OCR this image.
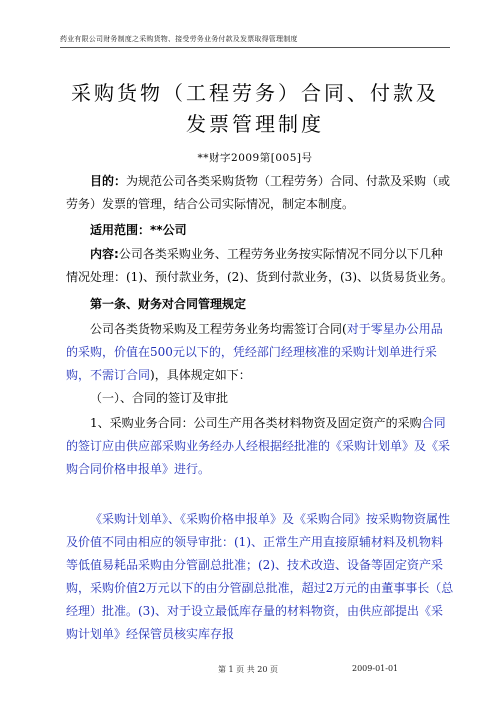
药业有限公司财务制度之采购货物、接受劳务业务付款及发票取得管理制度
采购货物（工程劳务）合同、付款及
发票管理制度
**财字2009第[005]号

目的：为规范公司各类采购货物（工程劳务）合同、付款及采购（或劳务）发票的管理，结合公司实际情况，制定本制度。

适用范围：**公司

内容:公司各类采购业务、工程劳务业务按实际情况不同分以下几种情况处理：(1)、预付款业务，(2)、货到付款业务，(3)、以货易货业务。

第一条、财务对合同管理规定

公司各类货物采购及工程劳务业务均需签订合同(对于零星办公用品的采购，价值在500元以下的，凭经部门经理核准的采购计划单进行采购，不需订合同)，具体规定如下：

（一）、合同的签订及审批

1、采购业务合同：公司生产用各类材料物资及固定资产的采购合同的签订应由供应部采购业务经办人经根据经批准的《采购计划单》及《采购合同价格申报单》进行。

《采购计划单》、《采购价格申报单》及《采购合同》按采购物资属性及价值不同由相应的领导审批：(1)、正常生产用直接原辅材料及机物料等低值易耗品采购由分管副总批准；(2)、技术改造、设备等固定资产采购，采购价值2万元以下的由分管副总批准，超过2万元的由董事事长（总经理）批准。(3)、对于设立最低库存量的材料物资，由供应部提出《采购计划单》经保管员核实库存报

第 1 页 共 20 页	2009-01-01
